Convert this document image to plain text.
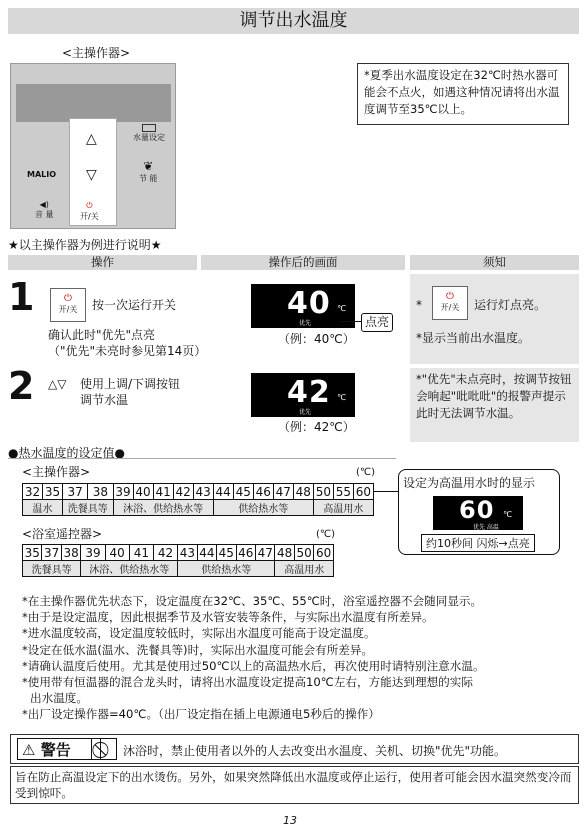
调节出水温度
<主操作器>
△
▽
⏻
开/关
MALIO
水量设定
❦
节 能
◀)
音 量
*夏季出水温度设定在32℃时热水器可能会不点火，如遇这种情况请将出水温度调节至35℃以上。
★以主操作器为例进行说明★
操作	操作后的画面	须知
1	⏻
开/关	按一次运行开关
确认此时"优先"点亮
（"优先"未亮时参见第14页）
40 ℃
优先	点亮
（例：40℃）
*
⏻
开/关	运行灯点亮。
*显示当前出水温度。
2 △▽ 使用上调/下调按钮
调节水温	42 ℃
优先
（例：42℃）
*"优先"未点亮时，按调节按钮会响起"吡吡吡"的报警声提示此时无法调节水温。
●热水温度的设定值●
<主操作器>	(℃)
32	35	37	38	39	40	41	42	43	44	45	46	47	48	50	55	60
温水		洗餐具等		沐浴、供给热水等					供给热水等					高温用水		
设定为高温用水时的显示
60 ℃
优先 高温
约10秒间 闪烁→点亮
<浴室遥控器>	(℃)
35	37	38	39	40	41	42	43	44	45	46	47	48	50	60
洗餐具等			沐浴、供给热水等				供给热水等					高温用水		
*在主操作器优先状态下，设定温度在32℃、35℃、55℃时，浴室遥控器不会随同显示。
*由于是设定温度，因此根据季节及水管安装等条件，与实际出水温度有所差异。
*进水温度较高，设定温度较低时，实际出水温度可能高于设定温度。
*设定在低水温(温水、洗餐具等)时，实际出水温度可能会有所差异。
*请确认温度后使用。尤其是使用过50℃以上的高温热水后，再次使用时请特别注意水温。
*使用带有恒温器的混合龙头时，请将出水温度设定提高10℃左右，方能达到理想的实际
出水温度。
*出厂设定操作器=40℃。（出厂设定指在插上电源通电5秒后的操作）
⚠ 警告	沐浴时，禁止使用者以外的人去改变出水温度、关机、切换"优先"功能。
旨在防止高温设定下的出水烫伤。另外，如果突然降低出水温度或停止运行，使用者可能会因水温突然变冷而受到惊吓。
13
